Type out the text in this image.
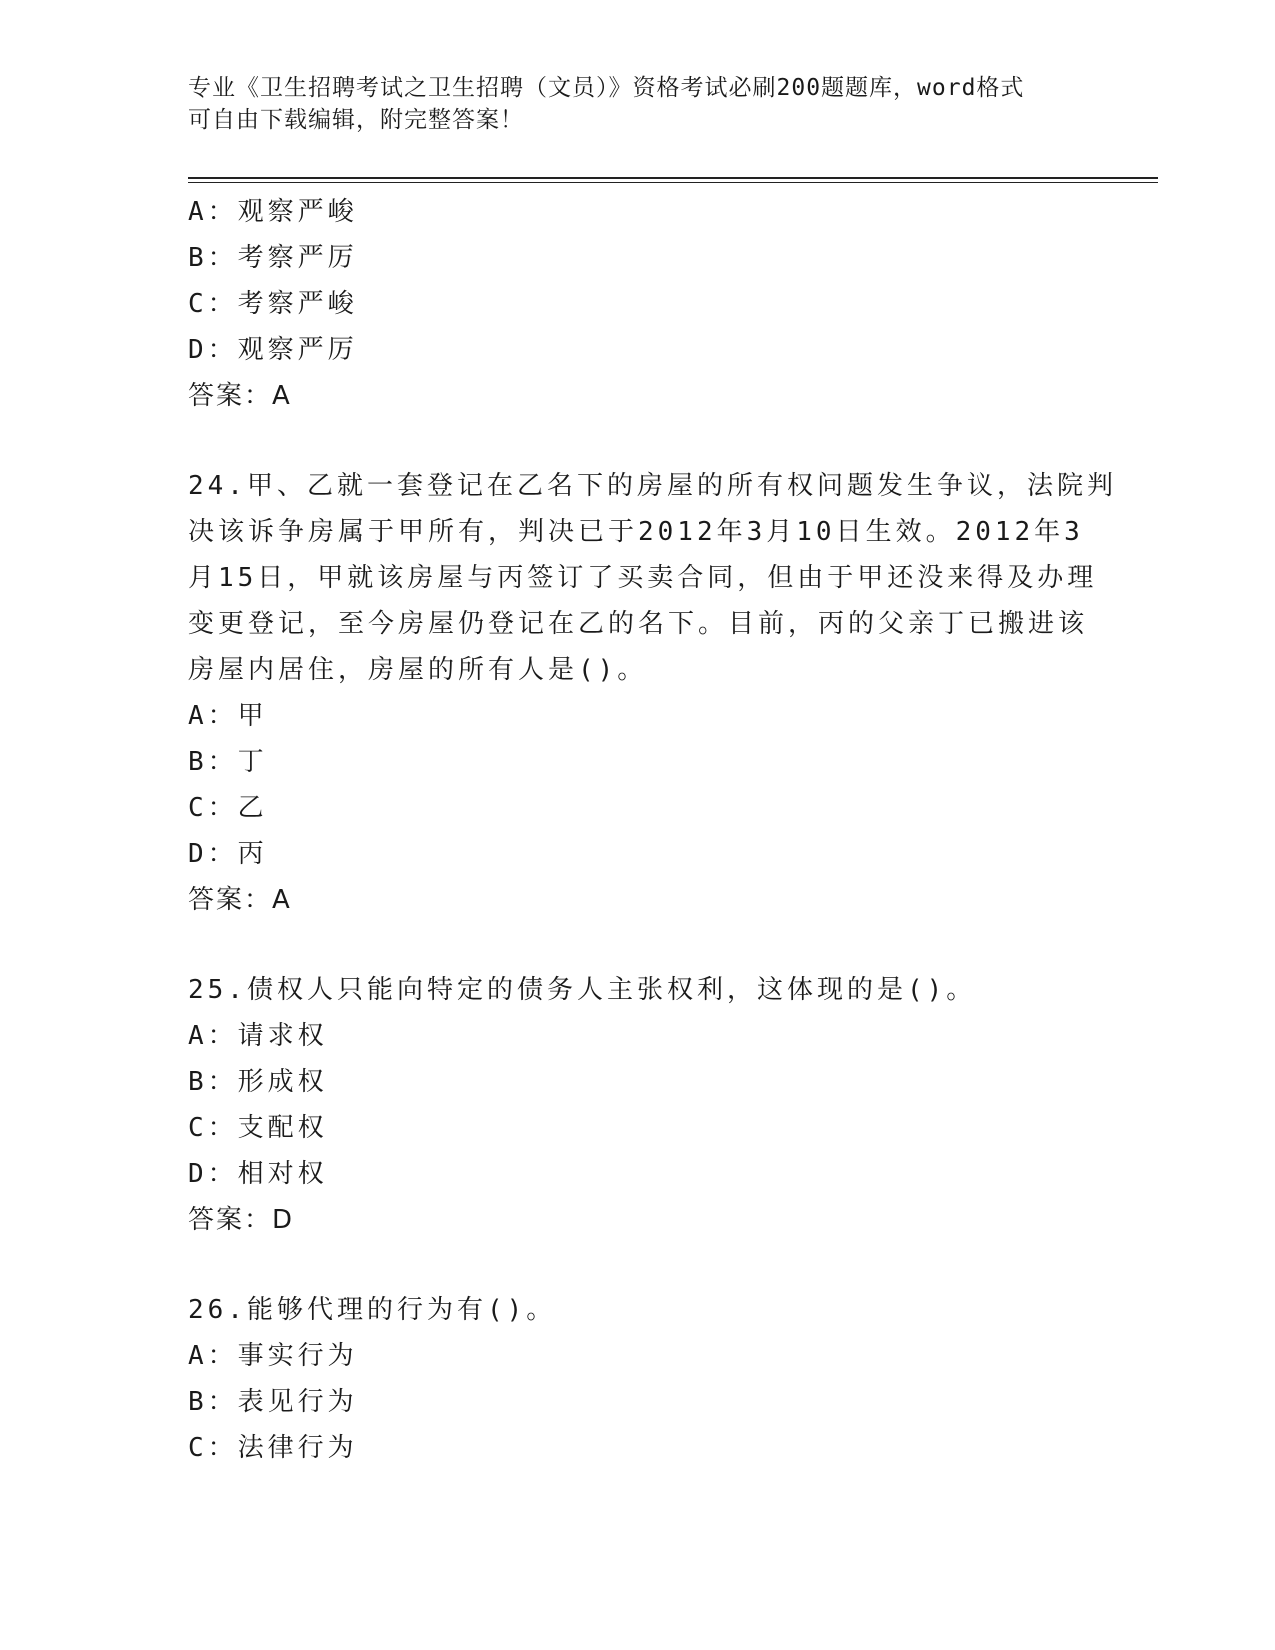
专业《卫生招聘考试之卫生招聘（文员）》资格考试必刷200题题库，word格式
可自由下载编辑，附完整答案！
A：观察严峻
B：考察严厉
C：考察严峻
D：观察严厉
答案：A
24.甲、乙就一套登记在乙名下的房屋的所有权问题发生争议，法院判
决该诉争房属于甲所有，判决已于2012年3月10日生效。2012年3
月15日，甲就该房屋与丙签订了买卖合同，但由于甲还没来得及办理
变更登记，至今房屋仍登记在乙的名下。目前，丙的父亲丁已搬进该
房屋内居住，房屋的所有人是()。
A：甲
B：丁
C：乙
D：丙
答案：A
25.债权人只能向特定的债务人主张权利，这体现的是()。
A：请求权
B：形成权
C：支配权
D：相对权
答案：D
26.能够代理的行为有()。
A：事实行为
B：表见行为
C：法律行为
